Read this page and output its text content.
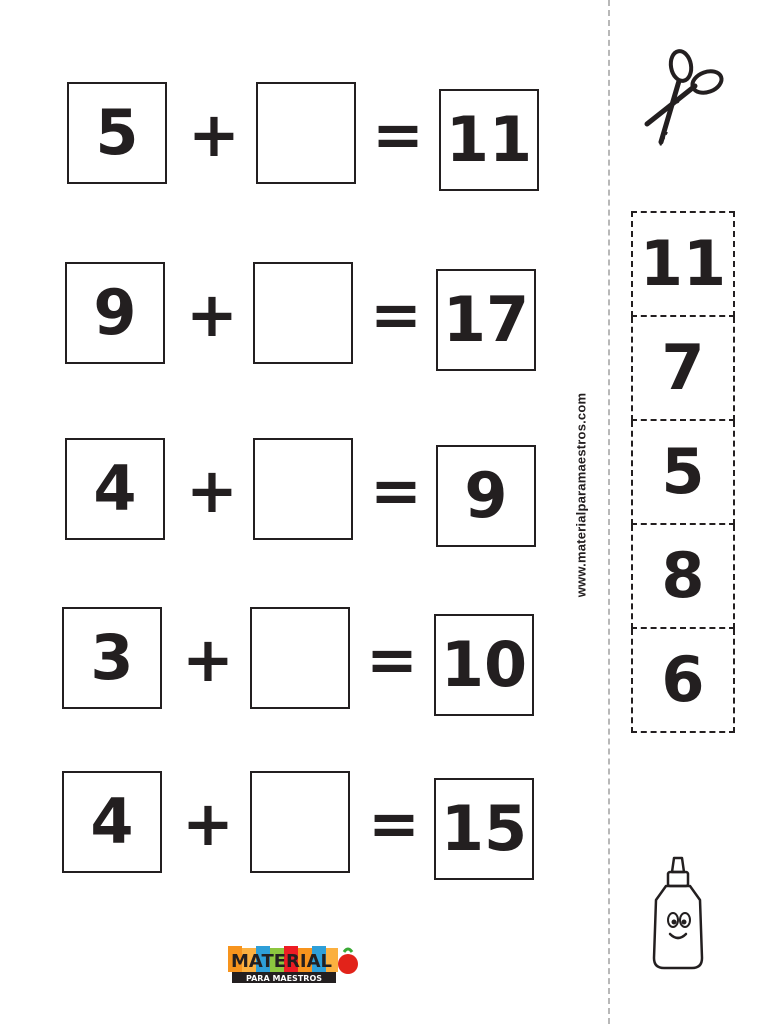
5 + = 11
9 + = 17
4 + = 9
3 + = 10
4 + = 15
www.materialparamaestros.com
11
7
5
8
6
MATERIAL
PARA MAESTROS
